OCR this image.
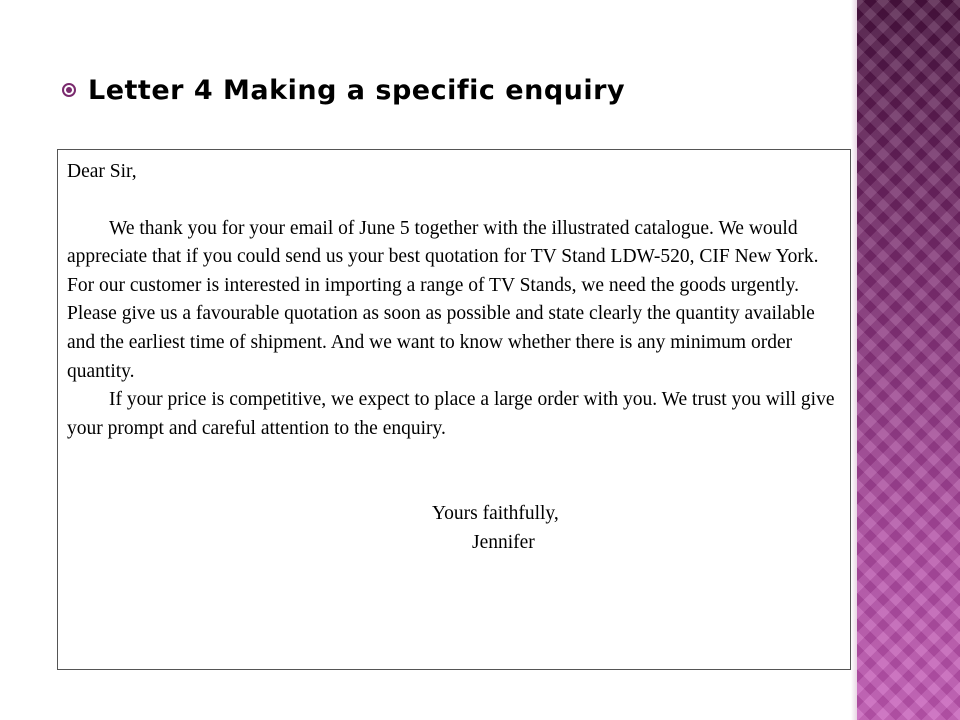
Letter 4 Making a specific enquiry

Dear Sir,

We thank you for your email of June 5 together with the illustrated catalogue. We would appreciate that if you could send us your best quotation for TV Stand LDW-520, CIF New York. For our customer is interested in importing a range of TV Stands, we need the goods urgently. Please give us a favourable quotation as soon as possible and state clearly the quantity available and the earliest time of shipment. And we want to know whether there is any minimum order quantity.

If your price is competitive, we expect to place a large order with you. We trust you will give your prompt and careful attention to the enquiry.

Yours faithfully,
Jennifer
